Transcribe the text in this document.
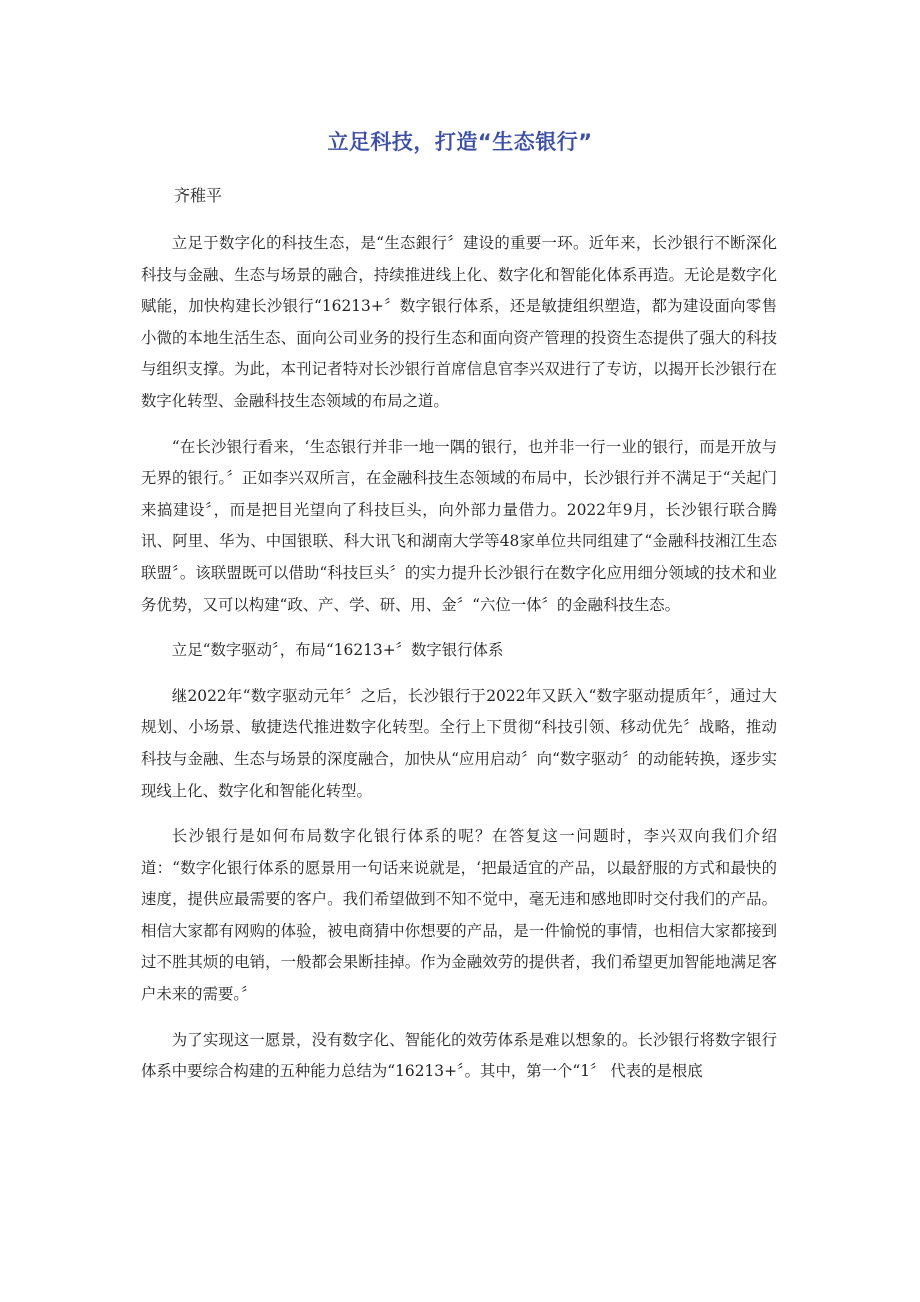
立足科技，打造“生态银行”

齐稚平

立足于数字化的科技生态，是“生态銀行〞建设的重要一环。近年来，长沙银行不断深化科技与金融、生态与场景的融合，持续推进线上化、数字化和智能化体系再造。无论是数字化赋能，加快构建长沙银行“16213+〞数字银行体系，还是敏捷组织塑造，都为建设面向零售小微的本地生活生态、面向公司业务的投行生态和面向资产管理的投资生态提供了强大的科技与组织支撑。为此，本刊记者特对长沙银行首席信息官李兴双进行了专访，以揭开长沙银行在数字化转型、金融科技生态领域的布局之道。

“在长沙银行看来，‘生态银行并非一地一隅的银行，也并非一行一业的银行，而是开放与无界的银行。〞正如李兴双所言，在金融科技生态领域的布局中，长沙银行并不满足于“关起门来搞建设〞，而是把目光望向了科技巨头，向外部力量借力。2022年9月，长沙银行联合腾讯、阿里、华为、中国银联、科大讯飞和湖南大学等48家单位共同组建了“金融科技湘江生态联盟〞。该联盟既可以借助“科技巨头〞的实力提升长沙银行在数字化应用细分领域的技术和业务优势，又可以构建“政、产、学、研、用、金〞“六位一体〞的金融科技生态。

立足“数字驱动〞，布局“16213+〞数字银行体系

继2022年“数字驱动元年〞之后，长沙银行于2022年又跃入“数字驱动提质年〞，通过大规划、小场景、敏捷迭代推进数字化转型。全行上下贯彻“科技引领、移动优先〞战略，推动科技与金融、生态与场景的深度融合，加快从“应用启动〞向“数字驱动〞的动能转换，逐步实现线上化、数字化和智能化转型。

长沙银行是如何布局数字化银行体系的呢？在答复这一问题时，李兴双向我们介绍道：“数字化银行体系的愿景用一句话来说就是，‘把最适宜的产品，以最舒服的方式和最快的速度，提供应最需要的客户。我们希望做到不知不觉中，毫无违和感地即时交付我们的产品。相信大家都有网购的体验，被电商猜中你想要的产品，是一件愉悦的事情，也相信大家都接到过不胜其烦的电销，一般都会果断挂掉。作为金融效劳的提供者，我们希望更加智能地满足客户未来的需要。〞

为了实现这一愿景，没有数字化、智能化的效劳体系是难以想象的。长沙银行将数字银行体系中要综合构建的五种能力总结为“16213+〞。其中，第一个“1〞 代表的是根底
